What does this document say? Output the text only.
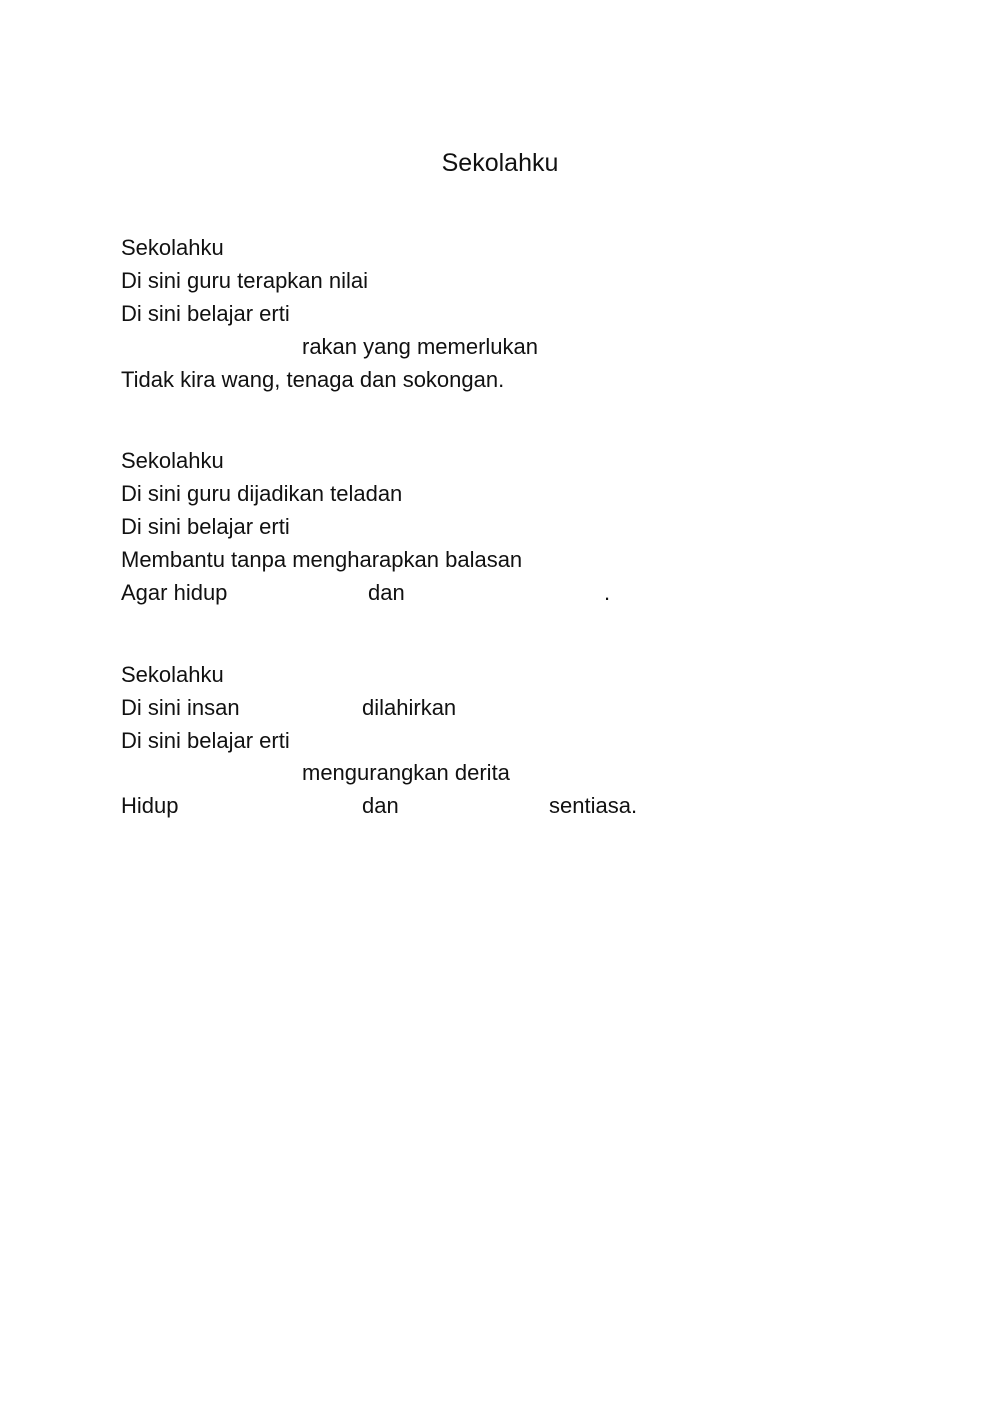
Sekolahku
Sekolahku
Di sini guru terapkan nilai
Di sini belajar erti
rakan yang memerlukan
Tidak kira wang, tenaga dan sokongan.
Sekolahku
Di sini guru dijadikan teladan
Di sini belajar erti
Membantu tanpa mengharapkan balasan
Agar hidup	dan	.
Sekolahku
Di sini insan	dilahirkan
Di sini belajar erti
mengurangkan derita
Hidup	dan	sentiasa.
